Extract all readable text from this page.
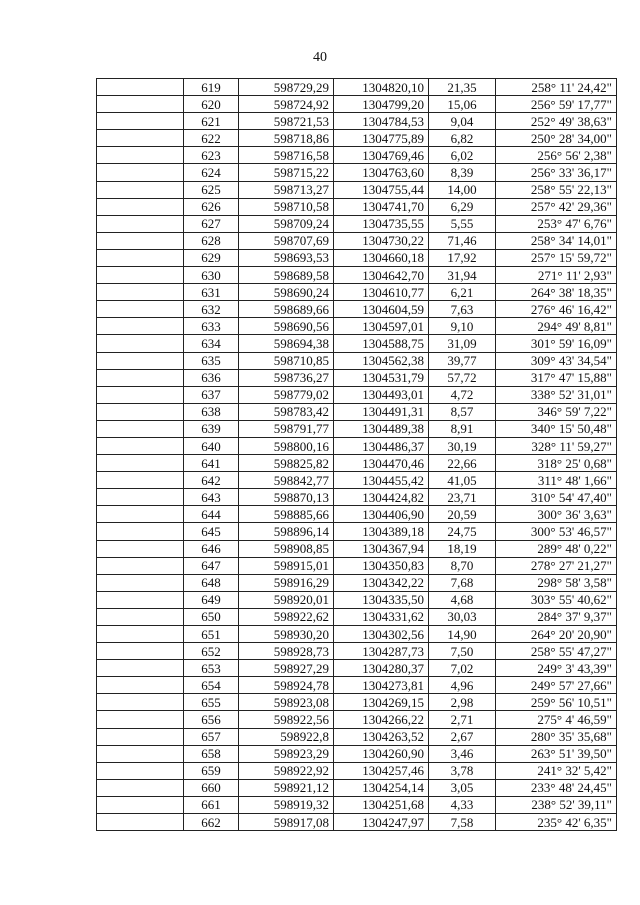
40
	619	598729,29	1304820,10	21,35	258° 11' 24,42"
	620	598724,92	1304799,20	15,06	256° 59' 17,77"
	621	598721,53	1304784,53	9,04	252° 49' 38,63"
	622	598718,86	1304775,89	6,82	250° 28' 34,00"
	623	598716,58	1304769,46	6,02	256° 56' 2,38"
	624	598715,22	1304763,60	8,39	256° 33' 36,17"
	625	598713,27	1304755,44	14,00	258° 55' 22,13"
	626	598710,58	1304741,70	6,29	257° 42' 29,36"
	627	598709,24	1304735,55	5,55	253° 47' 6,76"
	628	598707,69	1304730,22	71,46	258° 34' 14,01"
	629	598693,53	1304660,18	17,92	257° 15' 59,72"
	630	598689,58	1304642,70	31,94	271° 11' 2,93"
	631	598690,24	1304610,77	6,21	264° 38' 18,35"
	632	598689,66	1304604,59	7,63	276° 46' 16,42"
	633	598690,56	1304597,01	9,10	294° 49' 8,81"
	634	598694,38	1304588,75	31,09	301° 59' 16,09"
	635	598710,85	1304562,38	39,77	309° 43' 34,54"
	636	598736,27	1304531,79	57,72	317° 47' 15,88"
	637	598779,02	1304493,01	4,72	338° 52' 31,01"
	638	598783,42	1304491,31	8,57	346° 59' 7,22"
	639	598791,77	1304489,38	8,91	340° 15' 50,48"
	640	598800,16	1304486,37	30,19	328° 11' 59,27"
	641	598825,82	1304470,46	22,66	318° 25' 0,68"
	642	598842,77	1304455,42	41,05	311° 48' 1,66"
	643	598870,13	1304424,82	23,71	310° 54' 47,40"
	644	598885,66	1304406,90	20,59	300° 36' 3,63"
	645	598896,14	1304389,18	24,75	300° 53' 46,57"
	646	598908,85	1304367,94	18,19	289° 48' 0,22"
	647	598915,01	1304350,83	8,70	278° 27' 21,27"
	648	598916,29	1304342,22	7,68	298° 58' 3,58"
	649	598920,01	1304335,50	4,68	303° 55' 40,62"
	650	598922,62	1304331,62	30,03	284° 37' 9,37"
	651	598930,20	1304302,56	14,90	264° 20' 20,90"
	652	598928,73	1304287,73	7,50	258° 55' 47,27"
	653	598927,29	1304280,37	7,02	249° 3' 43,39"
	654	598924,78	1304273,81	4,96	249° 57' 27,66"
	655	598923,08	1304269,15	2,98	259° 56' 10,51"
	656	598922,56	1304266,22	2,71	275° 4' 46,59"
	657	598922,8	1304263,52	2,67	280° 35' 35,68"
	658	598923,29	1304260,90	3,46	263° 51' 39,50"
	659	598922,92	1304257,46	3,78	241° 32' 5,42"
	660	598921,12	1304254,14	3,05	233° 48' 24,45"
	661	598919,32	1304251,68	4,33	238° 52' 39,11"
	662	598917,08	1304247,97	7,58	235° 42' 6,35"
